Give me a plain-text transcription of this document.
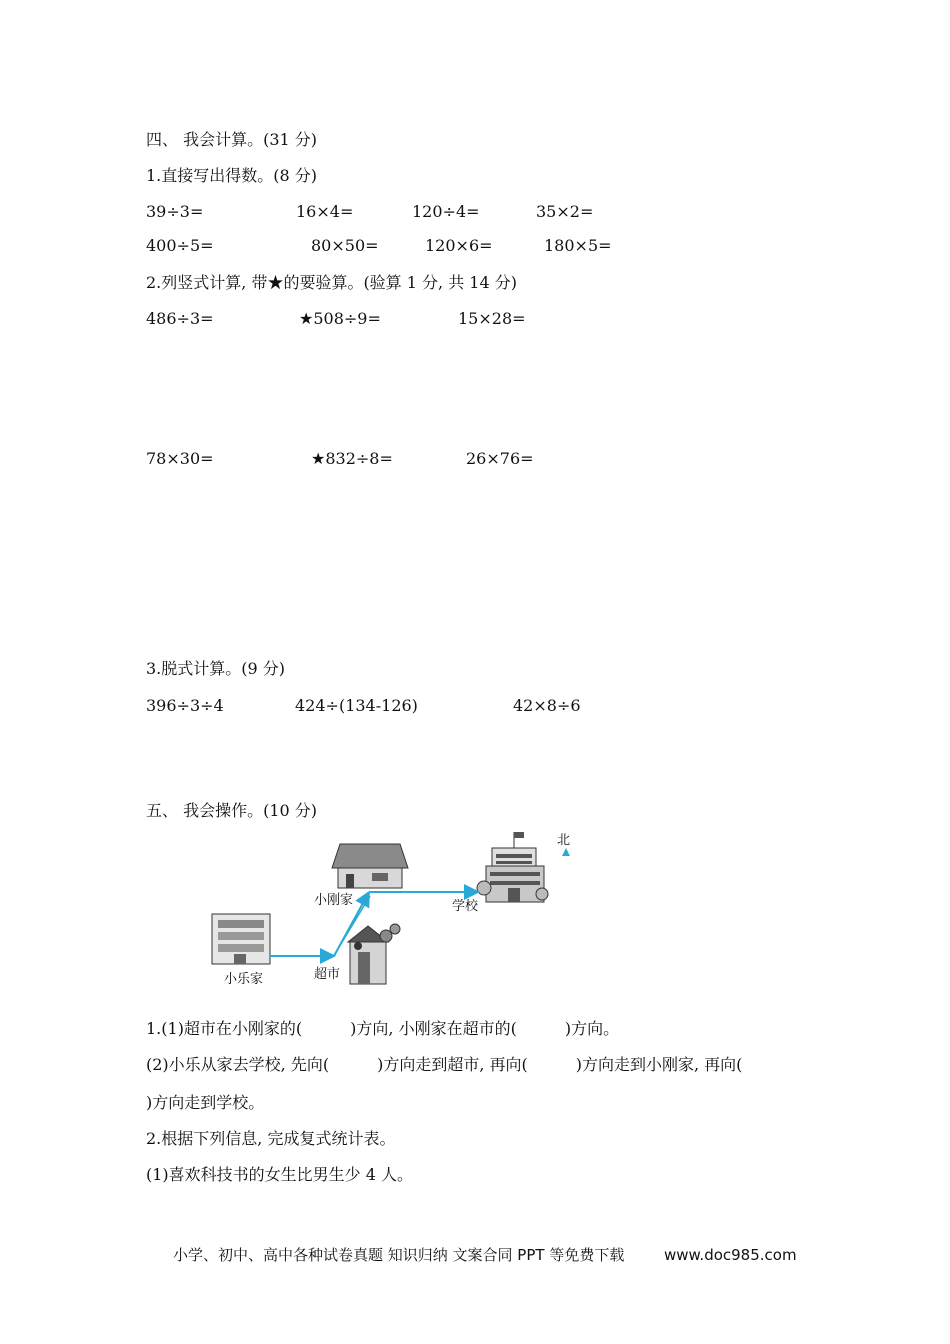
四、 我会计算。(31 分)
1.直接写出得数。(8 分)
39÷3=	16×4=	120÷4=	35×2=
400÷5=	80×50=	120×6=	180×5=
2.列竖式计算, 带★的要验算。(验算 1 分, 共 14 分)
486÷3=	★508÷9=	15×28=
78×30=	★832÷8=	26×76=
3.脱式计算。(9 分)
396÷3÷4	424÷(134-126)	42×8÷6
五、 我会操作。(10 分)
北
小刚家	学校
小乐家	超市
1.(1)超市在小刚家的(　　　)方向, 小刚家在超市的(　　　)方向。
(2)小乐从家去学校, 先向(　　　)方向走到超市, 再向(　　　)方向走到小刚家, 再向(
)方向走到学校。
2.根据下列信息, 完成复式统计表。
(1)喜欢科技书的女生比男生少 4 人。
小学、初中、高中各种试卷真题 知识归纳 文案合同 PPT 等免费下载	www.doc985.com
